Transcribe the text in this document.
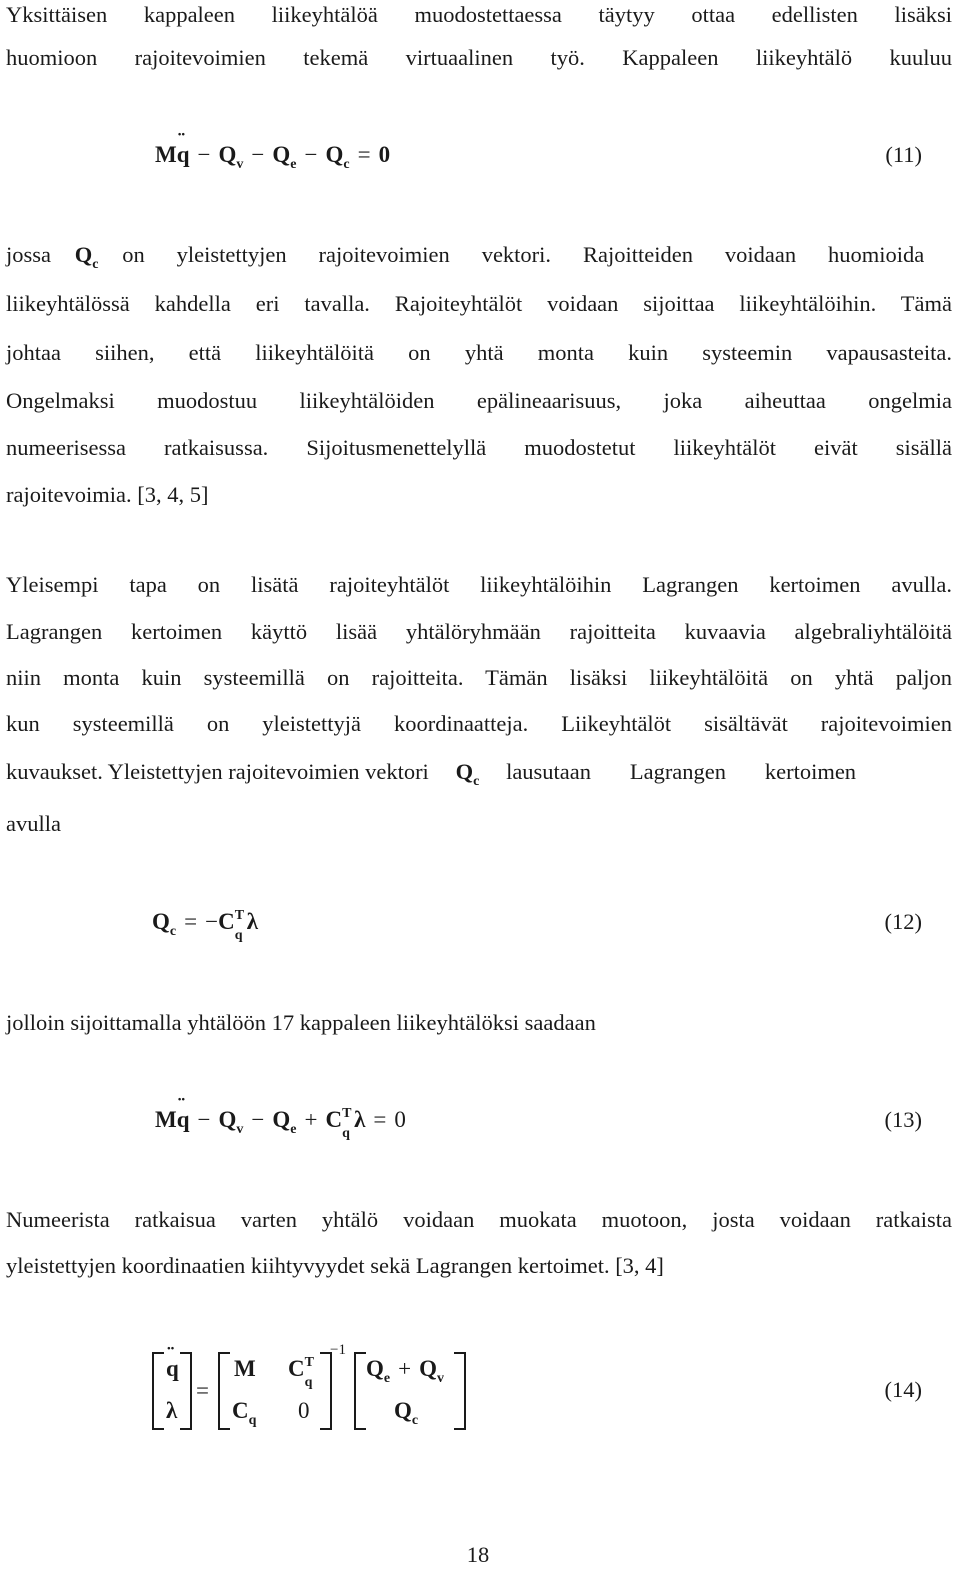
Yksittäisen kappaleen liikeyhtälöä muodostettaessa täytyy ottaa edellisten lisäksi
huomioon rajoitevoimien tekemä virtuaalinen työ. Kappaleen liikeyhtälö kuuluu
M¨ $q - Q_v - Q_e - Q_c = 0$	(11)
jossa $Q_c$ on yleistettyjen rajoitevoimien vektori. Rajoitteiden voidaan huomioida
liikeyhtälössä kahdella eri tavalla. Rajoiteyhtälöt voidaan sijoittaa liikeyhtälöihin. Tämä
johtaa siihen, että liikeyhtälöitä on yhtä monta kuin systeemin vapausasteita.
Ongelmaksi muodostuu liikeyhtälöiden epälineaarisuus, joka aiheuttaa ongelmia
numeerisessa ratkaisussa. Sijoitusmenettelyllä muodostetut liikeyhtälöt eivät sisällä
rajoitevoimia. [3, 4, 5]
Yleisempi tapa on lisätä rajoiteyhtälöt liikeyhtälöihin Lagrangen kertoimen avulla.
Lagrangen kertoimen käyttö lisää yhtälöryhmään rajoitteita kuvaavia algebraliyhtälöitä
niin monta kuin systeemillä on rajoitteita. Tämän lisäksi liikeyhtälöitä on yhtä paljon
kun systeemillä on yleistettyjä koordinaatteja. Liikeyhtälöt sisältävät rajoitevoimien
kuvaukset. Yleistettyjen rajoitevoimien vektori $Q_c$ lausutaan Lagrangen kertoimen
avulla
$Q_c = -C$ T
q
λ	(12)
jolloin sijoittamalla yhtälöön 17 kappaleen liikeyhtälöksi saadaan
M¨ $q - Q_v - Q_e + C$ T
q
λ = 0	(13)
Numeerista ratkaisua varten yhtälö voidaan muokata muotoon, josta voidaan ratkaista
yleistettyjen koordinaatien kiihtyvyydet sekä Lagrangen kertoimet. [3, 4]
¨ q
λ
=
M C T
q
$C_q$ 0
−1
$Q_e + Q_v$
$Q_c$
(14)
18
